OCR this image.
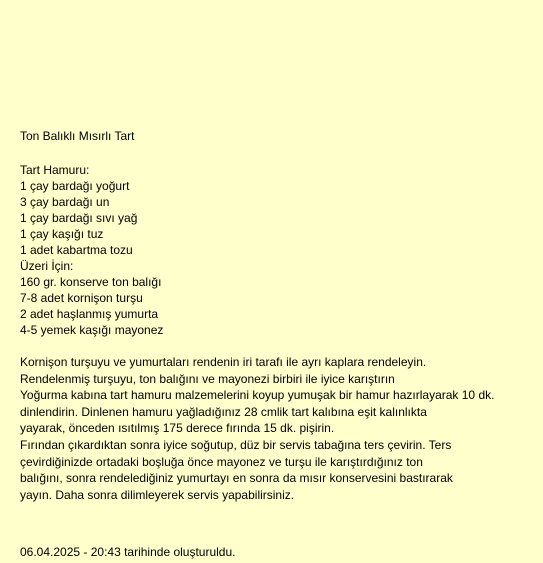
Ton Balıklı Mısırlı Tart
Tart Hamuru:
1 çay bardağı yoğurt
3 çay bardağı un
1 çay bardağı sıvı yağ
1 çay kaşığı tuz
1 adet kabartma tozu
Üzeri İçin:
160 gr. konserve ton balığı
7-8 adet kornişon turşu
2 adet haşlanmış yumurta
4-5 yemek kaşığı mayonez
Kornişon turşuyu ve yumurtaları rendenin iri tarafı ile ayrı kaplara rendeleyin.
Rendelenmiş turşuyu, ton balığını ve mayonezi birbiri ile iyice karıştırın
Yoğurma kabına tart hamuru malzemelerini koyup yumuşak bir hamur hazırlayarak 10 dk.
dinlendirin. Dinlenen hamuru yağladığınız 28 cmlik tart kalıbına eşit kalınlıkta
yayarak, önceden ısıtılmış 175 derece fırında 15 dk. pişirin.
Fırından çıkardıktan sonra iyice soğutup, düz bir servis tabağına ters çevirin. Ters
çevirdiğinizde ortadaki boşluğa önce mayonez ve turşu ile karıştırdığınız ton
balığını, sonra rendelediğiniz yumurtayı en sonra da mısır konservesini bastırarak
yayın. Daha sonra dilimleyerek servis yapabilirsiniz.
06.04.2025 - 20:43 tarihinde oluşturuldu.
